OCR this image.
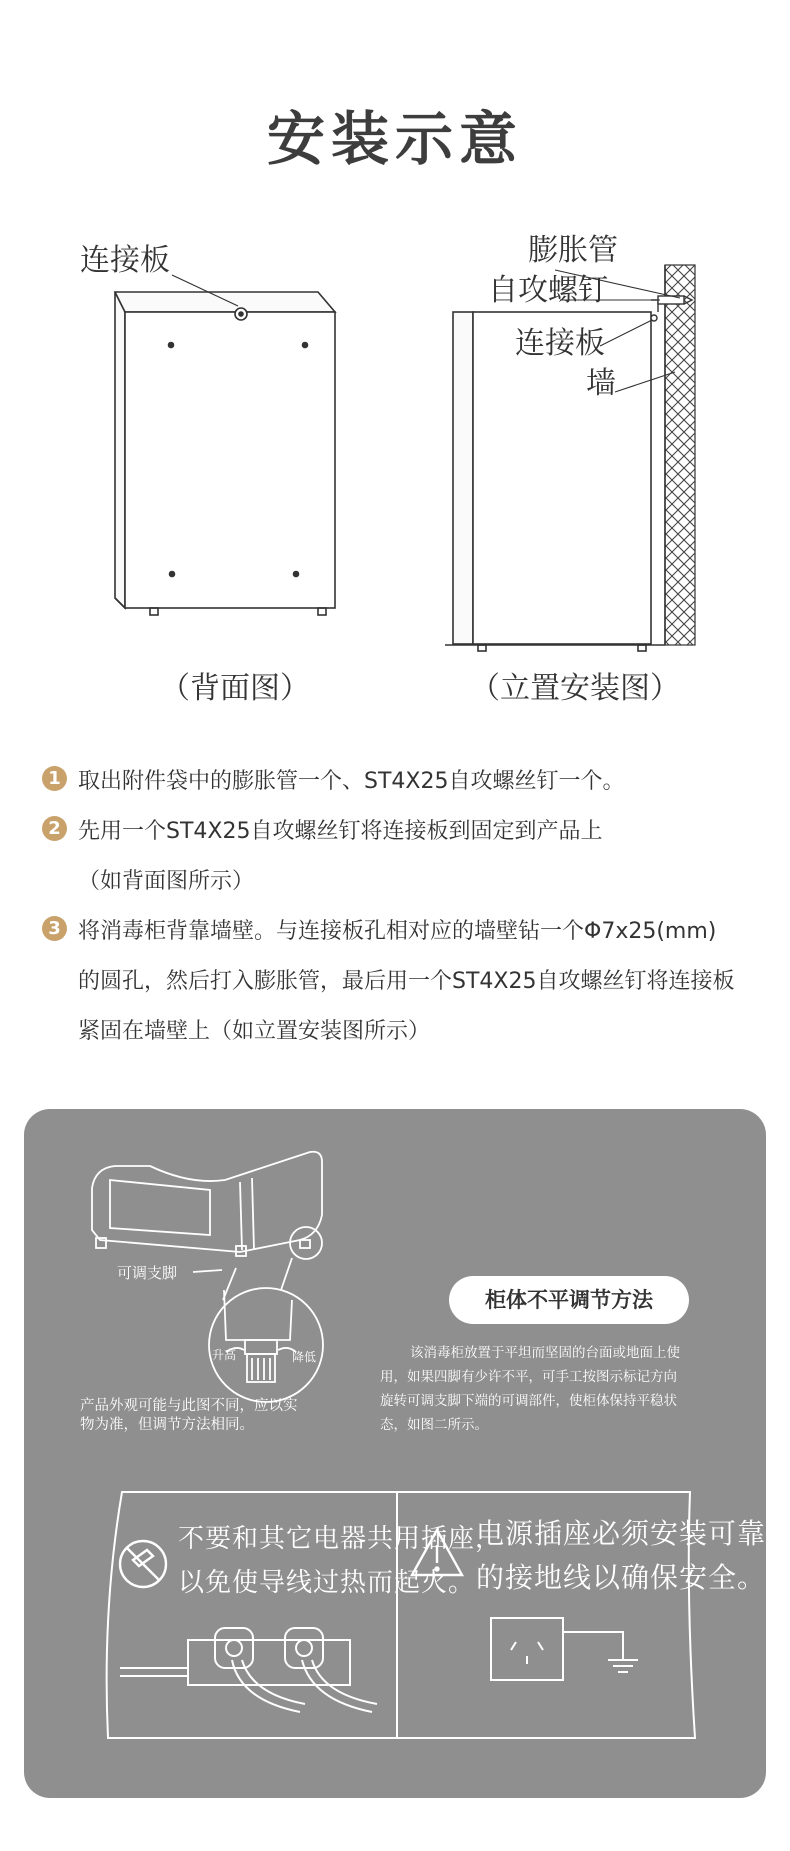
安装示意
连接板	膨胀管
自攻螺钉
连接板
墙
（背面图）	（立置安装图）
1 取出附件袋中的膨胀管一个、ST4X25自攻螺丝钉一个。
2 先用一个ST4X25自攻螺丝钉将连接板到固定到产品上
（如背面图所示）
3 将消毒柜背靠墙壁。与连接板孔相对应的墙壁钻一个Φ7x25(mm)
的圆孔，然后打入膨胀管，最后用一个ST4X25自攻螺丝钉将连接板
紧固在墙壁上（如立置安装图所示）
可调支脚
升高	降低
产品外观可能与此图不同，应以实
物为准，但调节方法相同。
柜体不平调节方法
该消毒柜放置于平坦而坚固的台面或地面上使
用，如果四脚有少许不平，可手工按图示标记方向
旋转可调支脚下端的可调部件，使柜体保持平稳状
态，如图二所示。
不要和其它电器共用插座，
以免使导线过热而起火。
电源插座必须安装可靠
的接地线以确保安全。
